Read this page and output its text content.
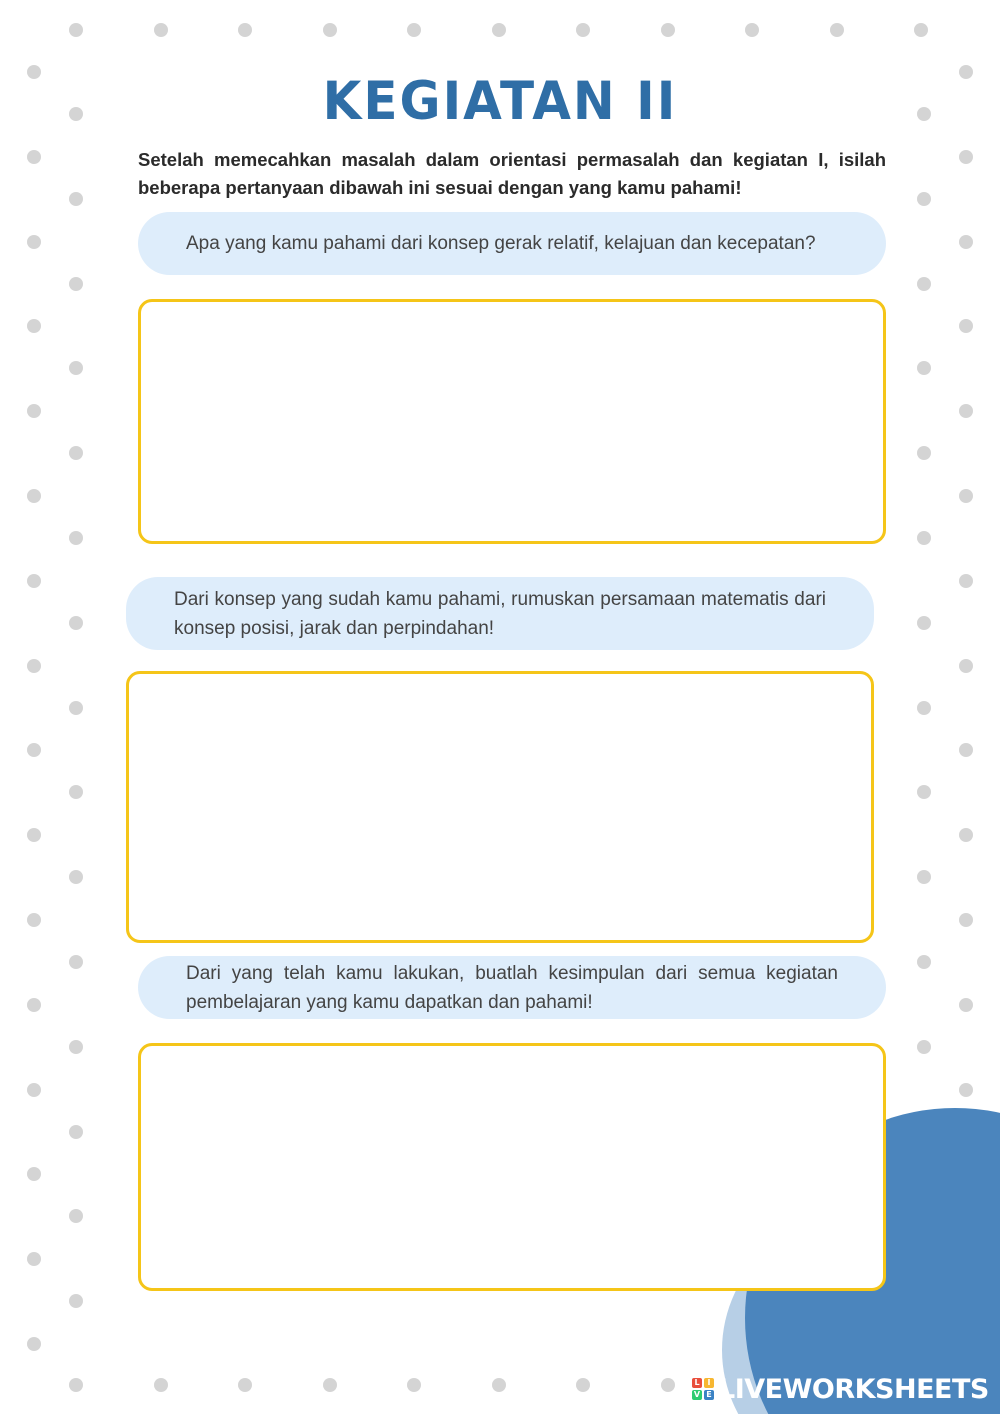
KEGIATAN II

Setelah memecahkan masalah dalam orientasi permasalah dan kegiatan I, isilah beberapa pertanyaan dibawah ini sesuai dengan yang kamu pahami!

Apa yang kamu pahami dari konsep gerak relatif, kelajuan dan kecepatan?
Dari konsep yang sudah kamu pahami, rumuskan persamaan matematis dari konsep posisi, jarak dan perpindahan!
Dari yang telah kamu lakukan, buatlah kesimpulan dari semua kegiatan pembelajaran yang kamu dapatkan dan pahami!
L I
V E LIVEWORKSHEETS
